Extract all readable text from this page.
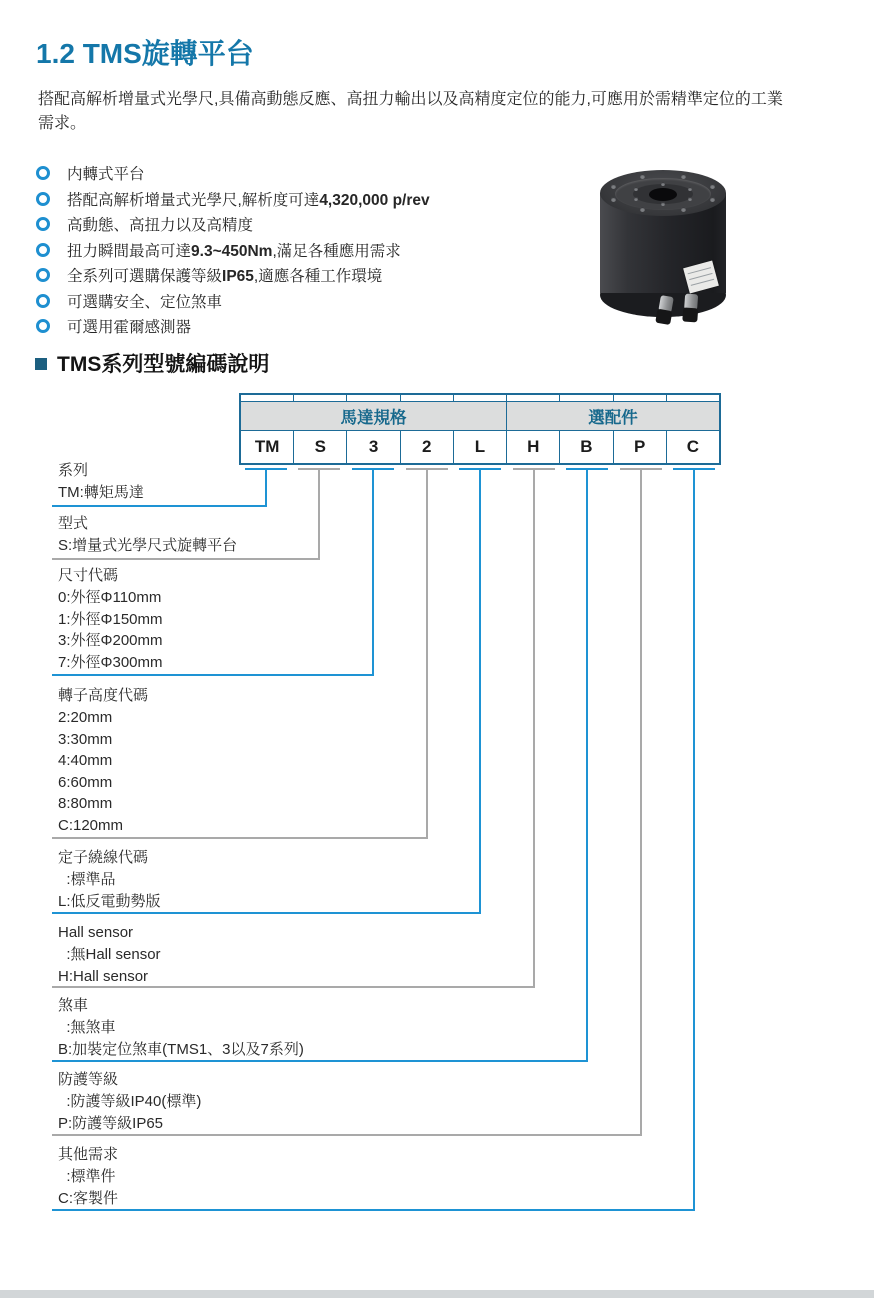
1.2 TMS旋轉平台
搭配高解析增量式光學尺,具備高動態反應、高扭力輸出以及高精度定位的能力,可應用於需精準定位的工業需求。
内轉式平台
搭配高解析增量式光學尺,解析度可達4,320,000 p/rev
高動態、高扭力以及高精度
扭力瞬間最高可達9.3~450Nm,滿足各種應用需求
全系列可選購保護等級IP65,適應各種工作環境
可選購安全、定位煞車
可選用霍爾感測器
TMS系列型號編碼說明
馬達規格	選配件
TM	S	3	2	L	H	B	P	C
系列
TM:轉矩馬達
型式
S:增量式光學尺式旋轉平台
尺寸代碼
0:外徑Φ110mm
1:外徑Φ150mm
3:外徑Φ200mm
7:外徑Φ300mm
轉子高度代碼
2:20mm
3:30mm
4:40mm
6:60mm
8:80mm
C:120mm
定子繞線代碼
:標準品
L:低反電動勢版
Hall sensor
:無Hall sensor
H:Hall sensor
煞車
:無煞車
B:加裝定位煞車(TMS1、3以及7系列)
防護等級
:防護等級IP40(標準)
P:防護等級IP65
其他需求
:標準件
C:客製件
